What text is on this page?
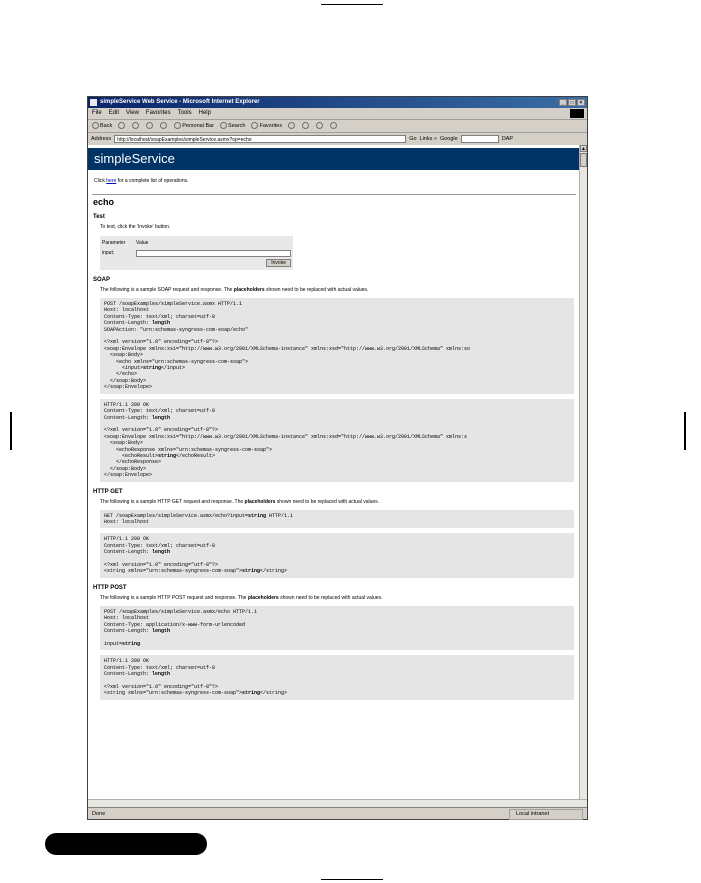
simpleService Web Service - Microsoft Internet Explorer	_	□	×
File Edit View Favorites Tools Help
Back	Personal Bar	Search	Favorites
Address	http://localhost/soapExamples/simpleService.asmx?op=echo	Go Links » Google	DAP
simpleService
Click here for a complete list of operations.
echo
Test
To test, click the 'Invoke' button.
Parameter	Value
input:
Invoke
SOAP
The following is a sample SOAP request and response. The placeholders shown need to be replaced with actual values.
POST /soapExamples/simpleService.asmx HTTP/1.1
Host: localhost
Content-Type: text/xml; charset=utf-8
Content-Length: length
SOAPAction: "urn:schemas-syngress-com-soap/echo"

<?xml version="1.0" encoding="utf-8"?>
<soap:Envelope xmlns:xsi="http://www.w3.org/2001/XMLSchema-instance" xmlns:xsd="http://www.w3.org/2001/XMLSchema" xmlns:so
<soap:Body>
<echo xmlns="urn:schemas-syngress-com-soap">
<input>string</input>
</echo>
</soap:Body>
</soap:Envelope>
HTTP/1.1 200 OK
Content-Type: text/xml; charset=utf-8
Content-Length: length

<?xml version="1.0" encoding="utf-8"?>
<soap:Envelope xmlns:xsi="http://www.w3.org/2001/XMLSchema-instance" xmlns:xsd="http://www.w3.org/2001/XMLSchema" xmlns:s
<soap:Body>
<echoResponse xmlns="urn:schemas-syngress-com-soap">
<echoResult>string</echoResult>
</echoResponse>
</soap:Body>
</soap:Envelope>
HTTP GET
The following is a sample HTTP GET request and response. The placeholders shown need to be replaced with actual values.
GET /soapExamples/simpleService.asmx/echo?input=string HTTP/1.1
Host: localhost
HTTP/1.1 200 OK
Content-Type: text/xml; charset=utf-8
Content-Length: length

<?xml version="1.0" encoding="utf-8"?>
<string xmlns="urn:schemas-syngress-com-soap">string</string>
HTTP POST
The following is a sample HTTP POST request and response. The placeholders shown need to be replaced with actual values.
POST /soapExamples/simpleService.asmx/echo HTTP/1.1
Host: localhost
Content-Type: application/x-www-form-urlencoded
Content-Length: length

input=string
HTTP/1.1 200 OK
Content-Type: text/xml; charset=utf-8
Content-Length: length

<?xml version="1.0" encoding="utf-8"?>
<string xmlns="urn:schemas-syngress-com-soap">string</string>
▲
Done	Local intranet
